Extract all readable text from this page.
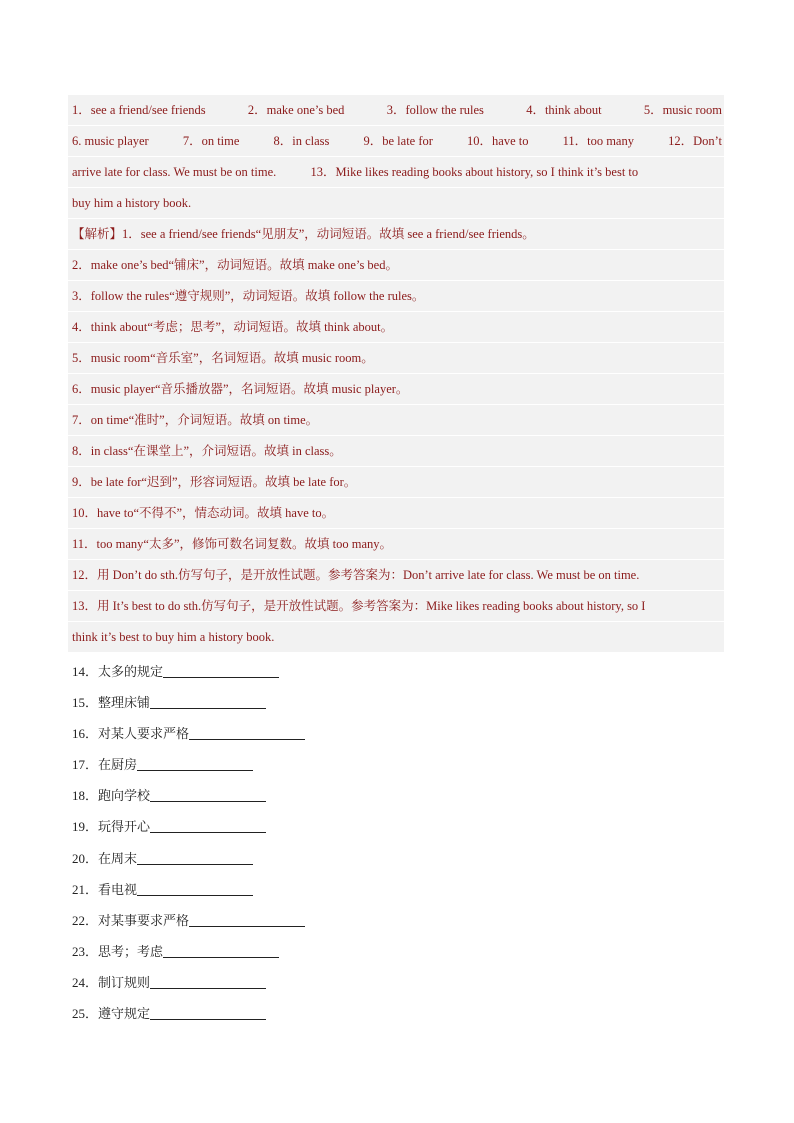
1．see a friend/see friends	2．make one’s bed	3．follow the rules	4．think about	5．music room
6. music player	7．on time	8．in class	9．be late for	10．have to	11．too many	12．Don’t
arrive late for class. We must be on time.	13．Mike likes reading books about history, so I think it’s best to
buy him a history book.
【解析】1．see a friend/see friends“见朋友”，动词短语。故填 see a friend/see friends。
2．make one’s bed“铺床”，动词短语。故填 make one’s bed。
3．follow the rules“遵守规则”，动词短语。故填 follow the rules。
4．think about“考虑；思考”，动词短语。故填 think about。
5．music room“音乐室”，名词短语。故填 music room。
6．music player“音乐播放器”，名词短语。故填 music player。
7．on time“准时”，介词短语。故填 on time。
8．in class“在课堂上”，介词短语。故填 in class。
9．be late for“迟到”，形容词短语。故填 be late for。
10．have to“不得不”，情态动词。故填 have to。
11．too many“太多”，修饰可数名词复数。故填 too many。
12．用 Don’t do sth.仿写句子，是开放性试题。参考答案为：Don’t arrive late for class. We must be on time.
13．用 It’s best to do sth.仿写句子，是开放性试题。参考答案为：Mike likes reading books about history, so I
think it’s best to buy him a history book.
14．太多的规定
15．整理床铺
16．对某人要求严格
17．在厨房
18．跑向学校
19．玩得开心
20．在周末
21．看电视
22．对某事要求严格
23．思考；考虑
24．制订规则
25．遵守规定
